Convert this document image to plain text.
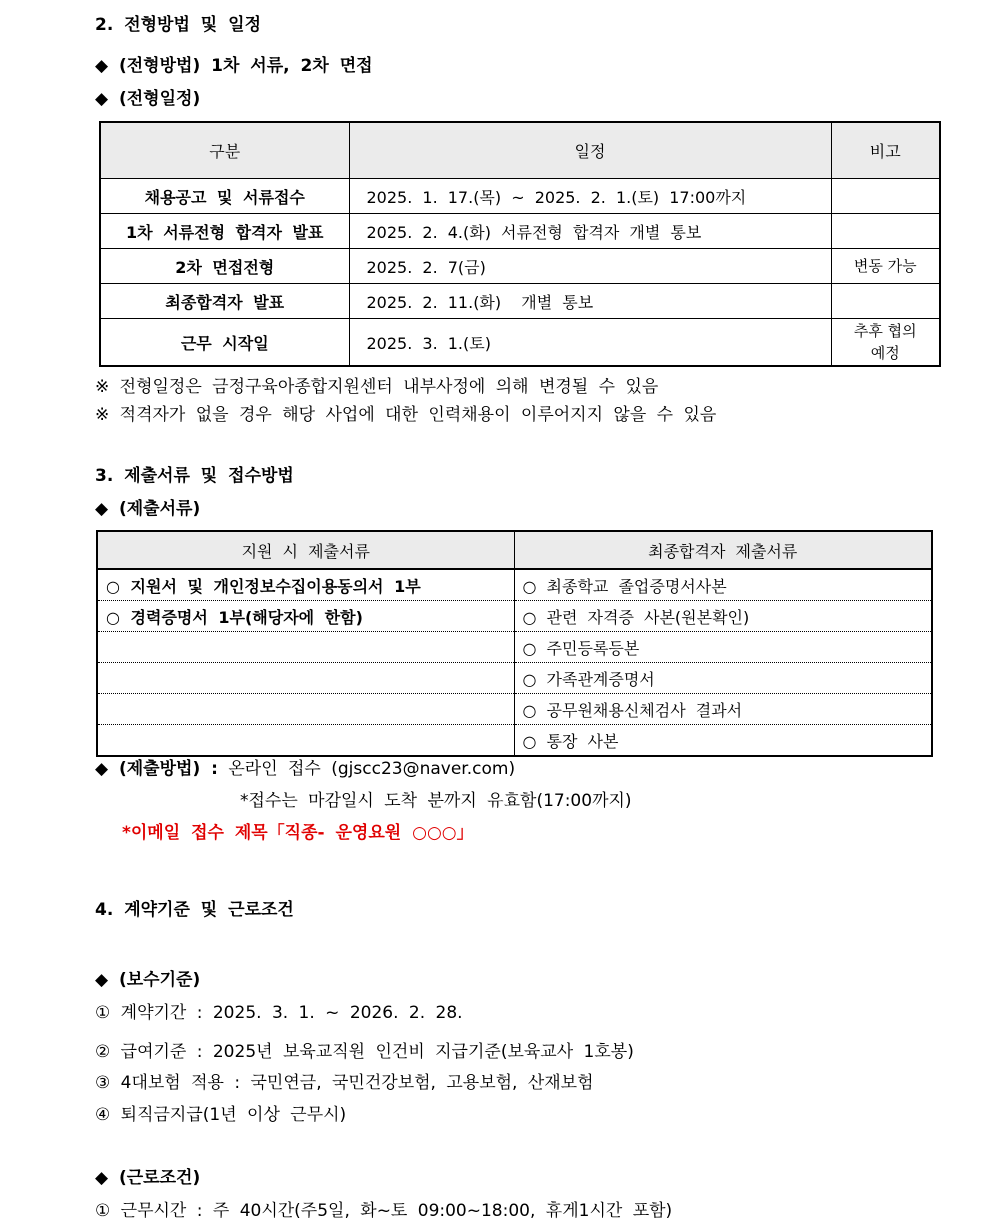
2. 전형방법 및 일정
◆ (전형방법) 1차 서류, 2차 면접
◆ (전형일정)
구분	일정	비고
채용공고 및 서류접수	2025. 1. 17.(목) ~ 2025. 2. 1.(토) 17:00까지	
1차 서류전형 합격자 발표	2025. 2. 4.(화) 서류전형 합격자 개별 통보	
2차 면접전형	2025. 2. 7(금)	변동 가능
최종합격자 발표	2025. 2. 11.(화)  개별 통보	
근무 시작일	2025. 3. 1.(토)	추후 협의
예정
※ 전형일정은 금정구육아종합지원센터 내부사정에 의해 변경될 수 있음
※ 적격자가 없을 경우 해당 사업에 대한 인력채용이 이루어지지 않을 수 있음
3. 제출서류 및 접수방법
◆ (제출서류)
지원 시 제출서류	최종합격자 제출서류
○ 지원서 및 개인정보수집이용동의서 1부	○ 최종학교 졸업증명서사본
○ 경력증명서 1부(해당자에 한함)	○ 관련 자격증 사본(원본확인)
	○ 주민등록등본
	○ 가족관계증명서
	○ 공무원채용신체검사 결과서
	○ 통장 사본
◆ (제출방법) : 온라인 접수 (gjscc23@naver.com)
*접수는 마감일시 도착 분까지 유효함(17:00까지)
*이메일 접수 제목「직종- 운영요원 ○○○」
4. 계약기준 및 근로조건
◆ (보수기준)
① 계약기간 : 2025. 3. 1. ~ 2026. 2. 28.
② 급여기준 : 2025년 보육교직원 인건비 지급기준(보육교사 1호봉)
③ 4대보험 적용 : 국민연금, 국민건강보험, 고용보험, 산재보험
④ 퇴직금지급(1년 이상 근무시)
◆ (근로조건)
① 근무시간 : 주 40시간(주5일, 화~토 09:00~18:00, 휴게1시간 포함)
